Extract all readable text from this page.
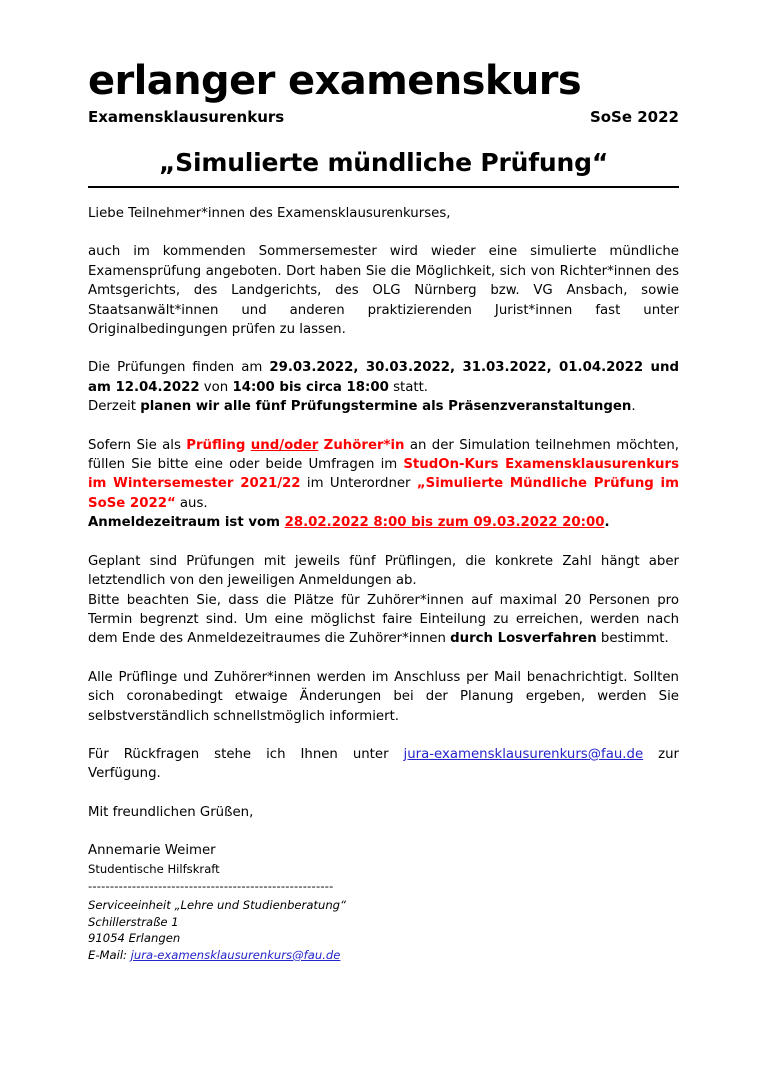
erlanger examenskurs
Examensklausurenkurs	SoSe 2022
„Simulierte mündliche Prüfung“

Liebe Teilnehmer*innen des Examensklausurenkurses,

auch im kommenden Sommersemester wird wieder eine simulierte mündliche Examensprüfung angeboten. Dort haben Sie die Möglichkeit, sich von Richter*innen des Amtsgerichts, des Landgerichts, des OLG Nürnberg bzw. VG Ansbach, sowie Staatsanwält*innen und anderen praktizierenden Jurist*innen fast unter Originalbedingungen prüfen zu lassen.

Die Prüfungen finden am 29.03.2022, 30.03.2022, 31.03.2022, 01.04.2022 und am 12.04.2022 von 14:00 bis circa 18:00 statt.
Derzeit planen wir alle fünf Prüfungstermine als Präsenzveranstaltungen.

Sofern Sie als Prüfling und/oder Zuhörer*in an der Simulation teilnehmen möchten, füllen Sie bitte eine oder beide Umfragen im StudOn-Kurs Examensklausurenkurs im Wintersemester 2021/22 im Unterordner „Simulierte Mündliche Prüfung im SoSe 2022“ aus.
Anmeldezeitraum ist vom 28.02.2022 8:00 bis zum 09.03.2022 20:00.

Geplant sind Prüfungen mit jeweils fünf Prüflingen, die konkrete Zahl hängt aber letztendlich von den jeweiligen Anmeldungen ab.
Bitte beachten Sie, dass die Plätze für Zuhörer*innen auf maximal 20 Personen pro Termin begrenzt sind. Um eine möglichst faire Einteilung zu erreichen, werden nach dem Ende des Anmeldezeitraumes die Zuhörer*innen durch Losverfahren bestimmt.

Alle Prüflinge und Zuhörer*innen werden im Anschluss per Mail benachrichtigt. Sollten sich coronabedingt etwaige Änderungen bei der Planung ergeben, werden Sie selbstverständlich schnellstmöglich informiert.

Für Rückfragen stehe ich Ihnen unter jura-examensklausurenkurs@fau.de zur Verfügung.

Mit freundlichen Grüßen,

Annemarie Weimer

Studentische Hilfskraft

--------------------------------------------------------

Serviceeinheit „Lehre und Studienberatung“

Schillerstraße 1

91054 Erlangen

E-Mail: jura-examensklausurenkurs@fau.de
